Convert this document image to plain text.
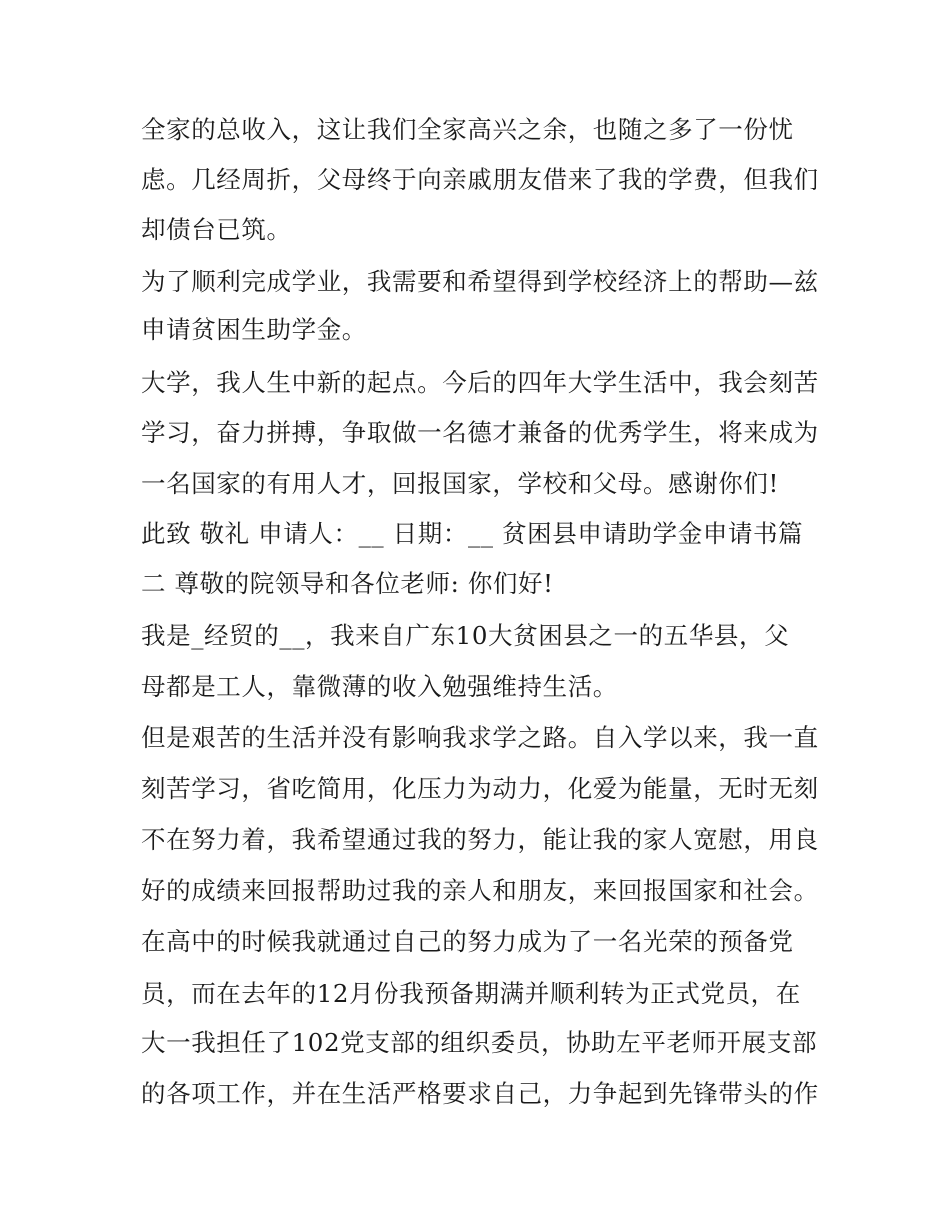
全家的总收入，这让我们全家高兴之余，也随之多了一份忧
虑。几经周折，父母终于向亲戚朋友借来了我的学费，但我们
却债台已筑。
为了顺利完成学业，我需要和希望得到学校经济上的帮助—兹
申请贫困生助学金。
大学，我人生中新的起点。今后的四年大学生活中，我会刻苦
学习，奋力拼搏，争取做一名德才兼备的优秀学生，将来成为
一名国家的有用人才，回报国家，学校和父母。感谢你们!
此致 敬礼 申请人：__ 日期：__ 贫困县申请助学金申请书篇
二 尊敬的院领导和各位老师: 你们好!
我是_经贸的__，我来自广东10大贫困县之一的五华县，父
母都是工人，靠微薄的收入勉强维持生活。
但是艰苦的生活并没有影响我求学之路。自入学以来，我一直
刻苦学习，省吃简用，化压力为动力，化爱为能量，无时无刻
不在努力着，我希望通过我的努力，能让我的家人宽慰，用良
好的成绩来回报帮助过我的亲人和朋友，来回报国家和社会。
在高中的时候我就通过自己的努力成为了一名光荣的预备党
员，而在去年的12月份我预备期满并顺利转为正式党员，在
大一我担任了102党支部的组织委员，协助左平老师开展支部
的各项工作，并在生活严格要求自己，力争起到先锋带头的作
